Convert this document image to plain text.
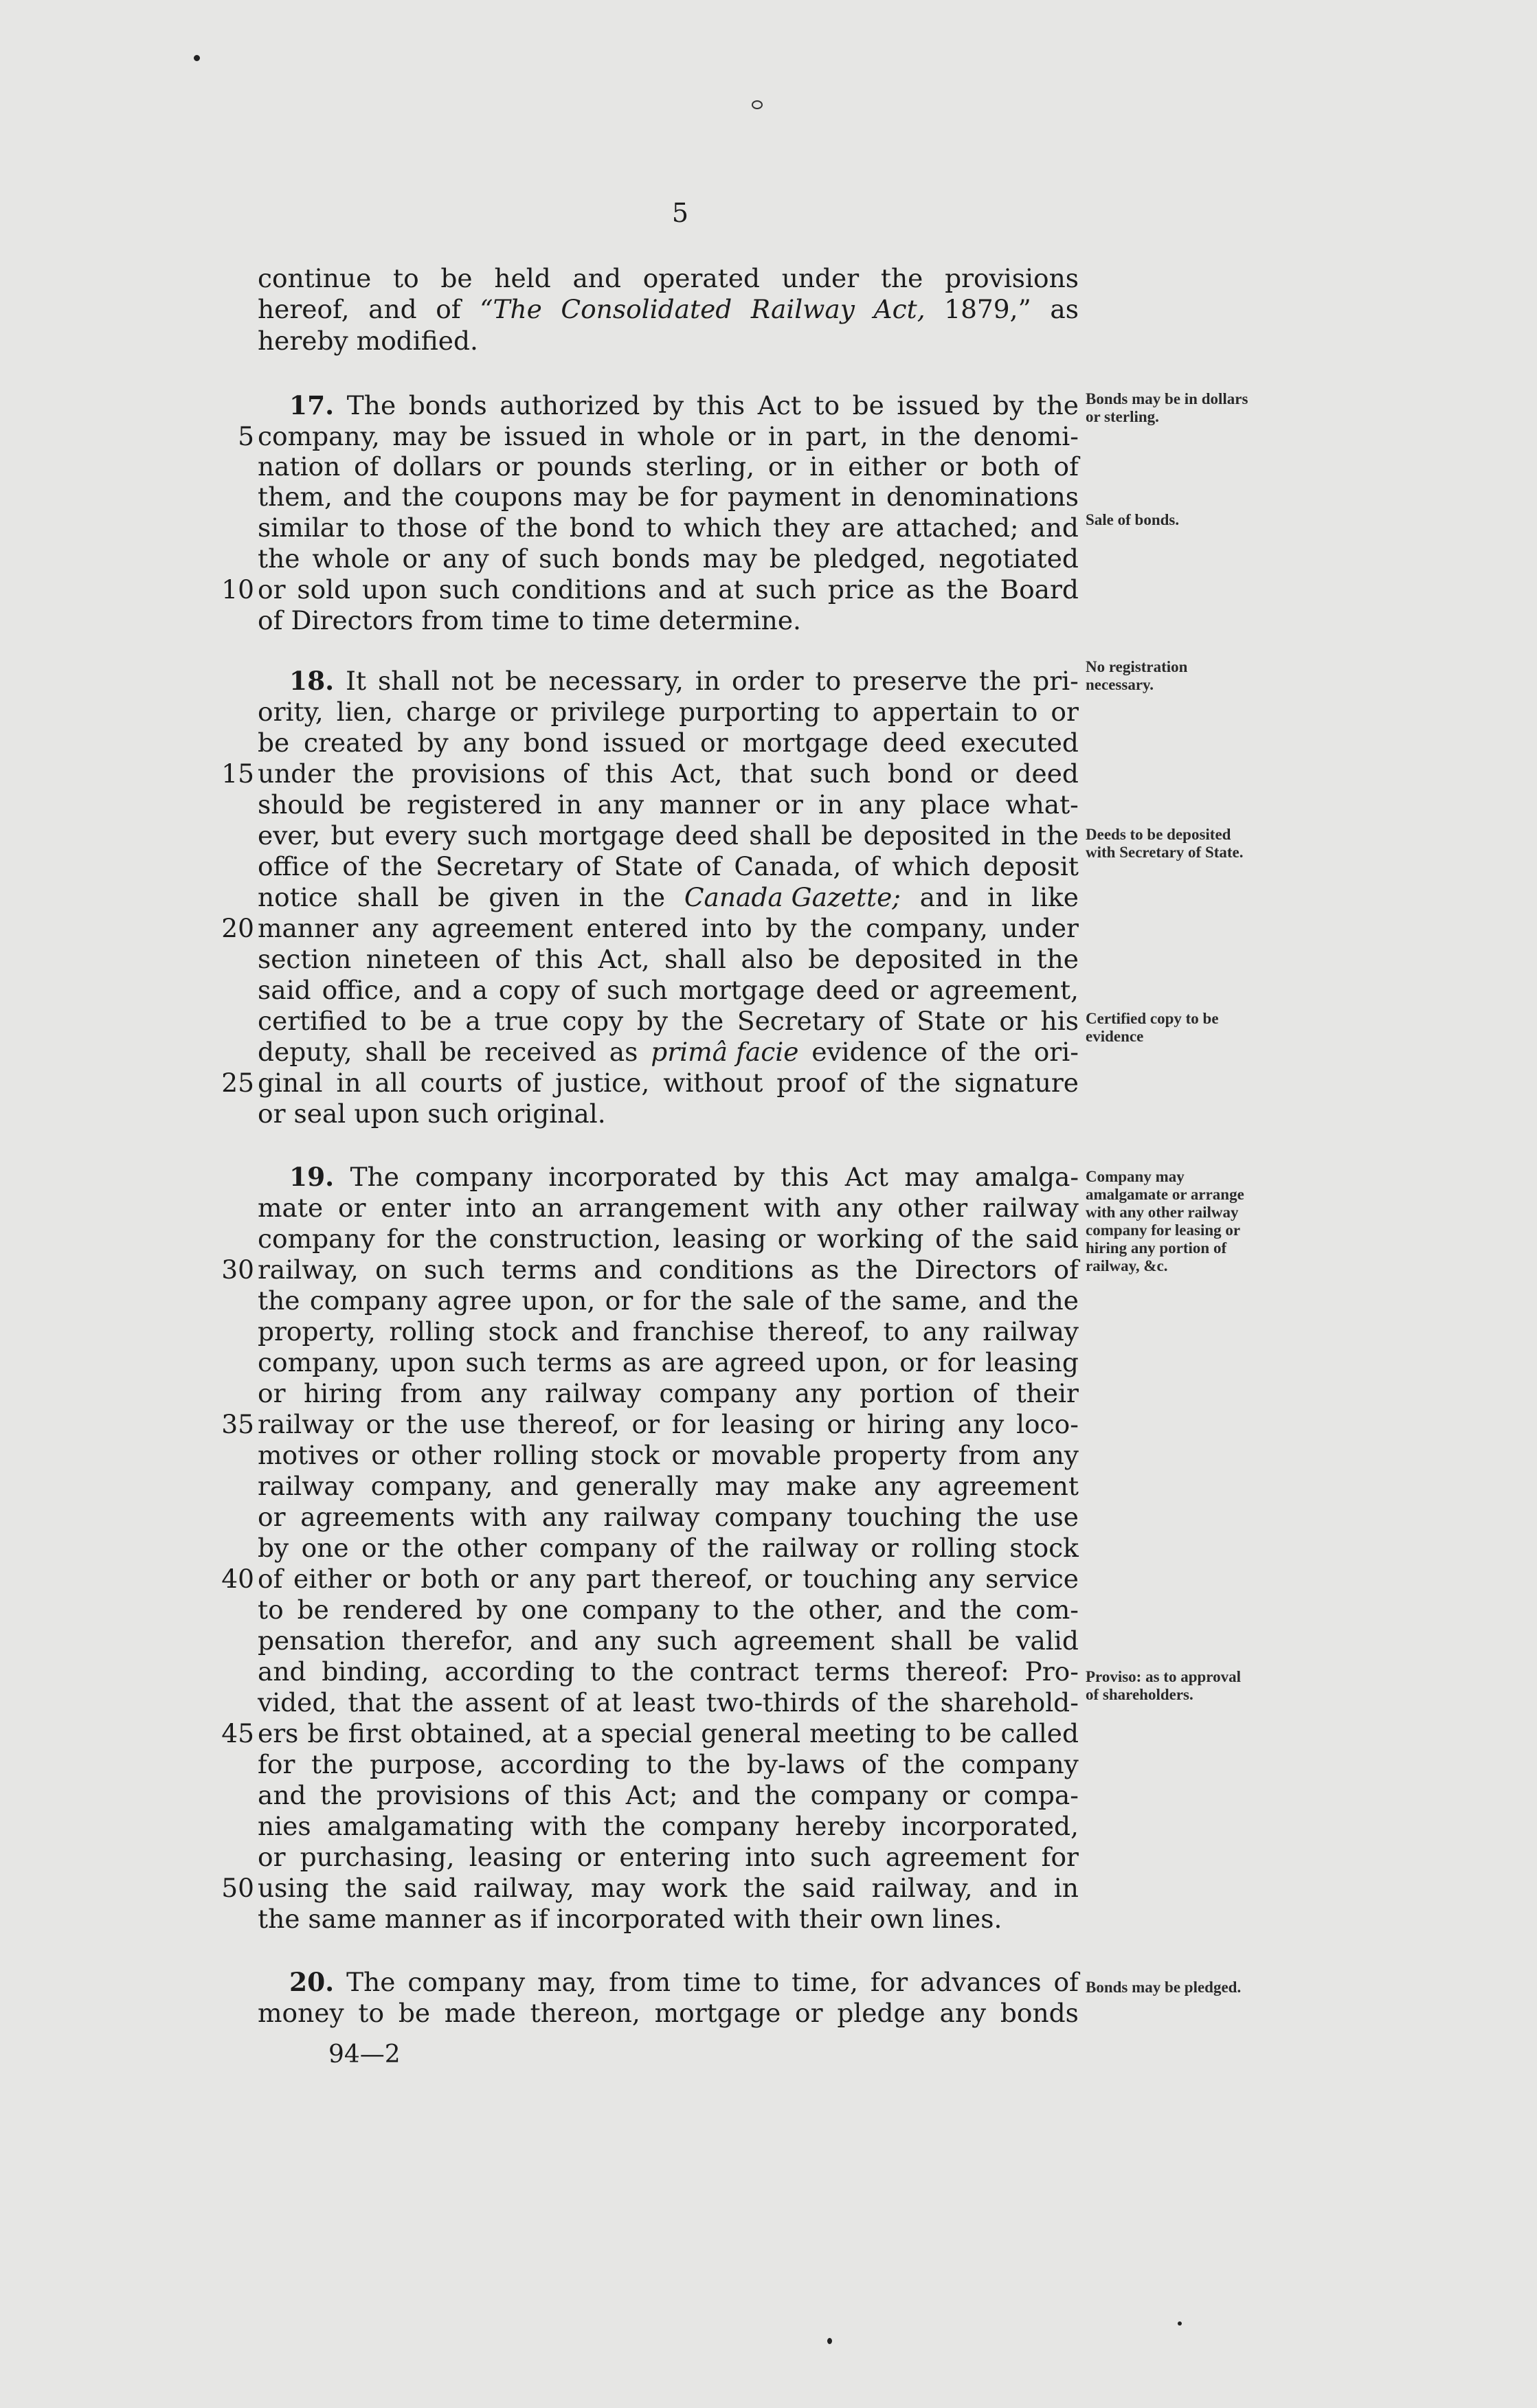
5
continue to be held and operated under the provisions
hereof, and of “The Consolidated Railway Act, 1879,” as
hereby modified.
17. The bonds authorized by this Act to be issued by the
company, may be issued in whole or in part, in the denomi-
nation of dollars or pounds sterling, or in either or both of
them, and the coupons may be for payment in denominations
similar to those of the bond to which they are attached; and
the whole or any of such bonds may be pledged, negotiated
or sold upon such conditions and at such price as the Board
of Directors from time to time determine.
18. It shall not be necessary, in order to preserve the pri-
ority, lien, charge or privilege purporting to appertain to or
be created by any bond issued or mortgage deed executed
under the provisions of this Act, that such bond or deed
should be registered in any manner or in any place what-
ever, but every such mortgage deed shall be deposited in the
office of the Secretary of State of Canada, of which deposit
notice shall be given in the Canada Gazette; and in like
manner any agreement entered into by the company, under
section nineteen of this Act, shall also be deposited in the
said office, and a copy of such mortgage deed or agreement,
certified to be a true copy by the Secretary of State or his
deputy, shall be received as primâ facie evidence of the ori-
ginal in all courts of justice, without proof of the signature
or seal upon such original.
19. The company incorporated by this Act may amalga-
mate or enter into an arrangement with any other railway
company for the construction, leasing or working of the said
railway, on such terms and conditions as the Directors of
the company agree upon, or for the sale of the same, and the
property, rolling stock and franchise thereof, to any railway
company, upon such terms as are agreed upon, or for leasing
or hiring from any railway company any portion of their
railway or the use thereof, or for leasing or hiring any loco-
motives or other rolling stock or movable property from any
railway company, and generally may make any agreement
or agreements with any railway company touching the use
by one or the other company of the railway or rolling stock
of either or both or any part thereof, or touching any service
to be rendered by one company to the other, and the com-
pensation therefor, and any such agreement shall be valid
and binding, according to the contract terms thereof: Pro-
vided, that the assent of at least two-thirds of the sharehold-
ers be first obtained, at a special general meeting to be called
for the purpose, according to the by-laws of the company
and the provisions of this Act; and the company or compa-
nies amalgamating with the company hereby incorporated,
or purchasing, leasing or entering into such agreement for
using the said railway, may work the said railway, and in
the same manner as if incorporated with their own lines.
20. The company may, from time to time, for advances of
money to be made thereon, mortgage or pledge any bonds
5
10
15
20
25
30
35
40
45
50
Bonds may be in dollars or sterling.
Sale of bonds.
No registration necessary.
Deeds to be deposited with Secretary of State.
Certified copy to be evidence
Company may amalgamate or arrange with any other railway company for leasing or hiring any portion of railway, &c.
Proviso: as to approval of shareholders.
Bonds may be pledged.
94—2
